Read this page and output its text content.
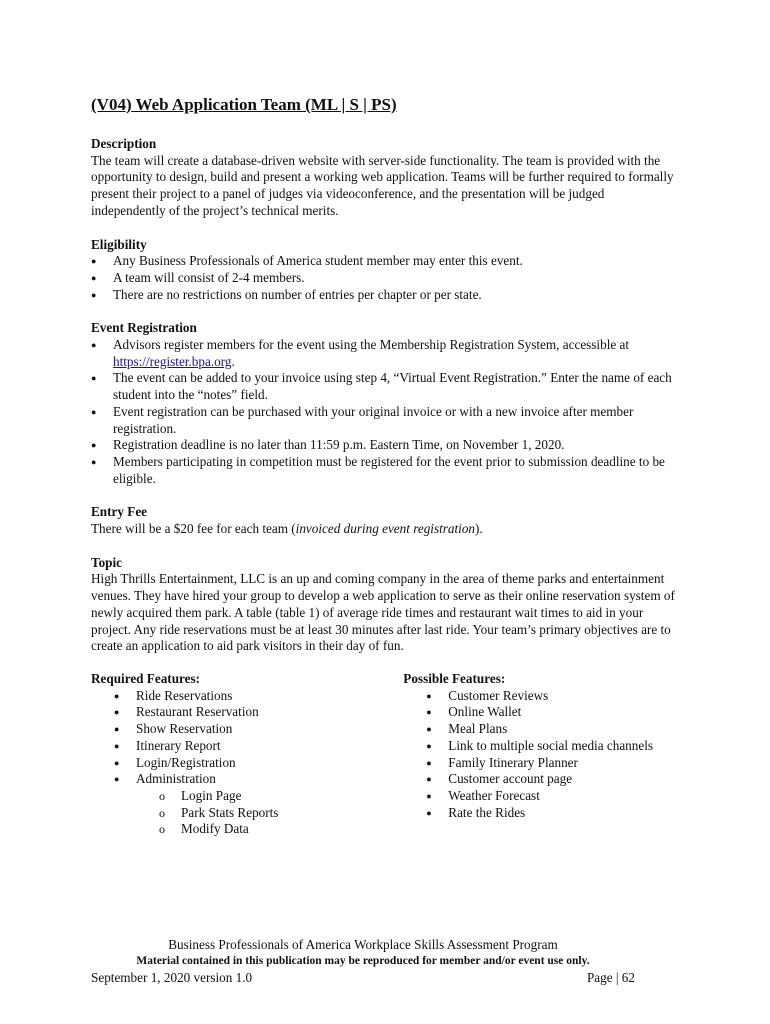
(V04) Web Application Team (ML | S | PS)
Description

The team will create a database-driven website with server-side functionality. The team is provided with the opportunity to design, build and present a working web application. Teams will be further required to formally present their project to a panel of judges via videoconference, and the presentation will be judged independently of the project’s technical merits.

Eligibility
● Any Business Professionals of America student member may enter this event.
● A team will consist of 2-4 members.
● There are no restrictions on number of entries per chapter or per state.
Event Registration
● Advisors register members for the event using the Membership Registration System, accessible at https://register.bpa.org.
● The event can be added to your invoice using step 4, “Virtual Event Registration.” Enter the name of each student into the “notes” field.
● Event registration can be purchased with your original invoice or with a new invoice after member registration.
● Registration deadline is no later than 11:59 p.m. Eastern Time, on November 1, 2020.
● Members participating in competition must be registered for the event prior to submission deadline to be eligible.
Entry Fee

There will be a $20 fee for each team (invoiced during event registration).

Topic

High Thrills Entertainment, LLC is an up and coming company in the area of theme parks and entertainment venues. They have hired your group to develop a web application to serve as their online reservation system of newly acquired them park. A table (table 1) of average ride times and restaurant wait times to aid in your project. Any ride reservations must be at least 30 minutes after last ride. Your team’s primary objectives are to create an application to aid park visitors in their day of fun.

Required Features:
● Ride Reservations
● Restaurant Reservation
● Show Reservation
● Itinerary Report
● Login/Registration
● Administration
o Login Page
o Park Stats Reports
o Modify Data
Possible Features:
● Customer Reviews
● Online Wallet
● Meal Plans
● Link to multiple social media channels
● Family Itinerary Planner
● Customer account page
● Weather Forecast
● Rate the Rides
Business Professionals of America Workplace Skills Assessment Program
Material contained in this publication may be reproduced for member and/or event use only.
September 1, 2020 version 1.0	Page | 62
